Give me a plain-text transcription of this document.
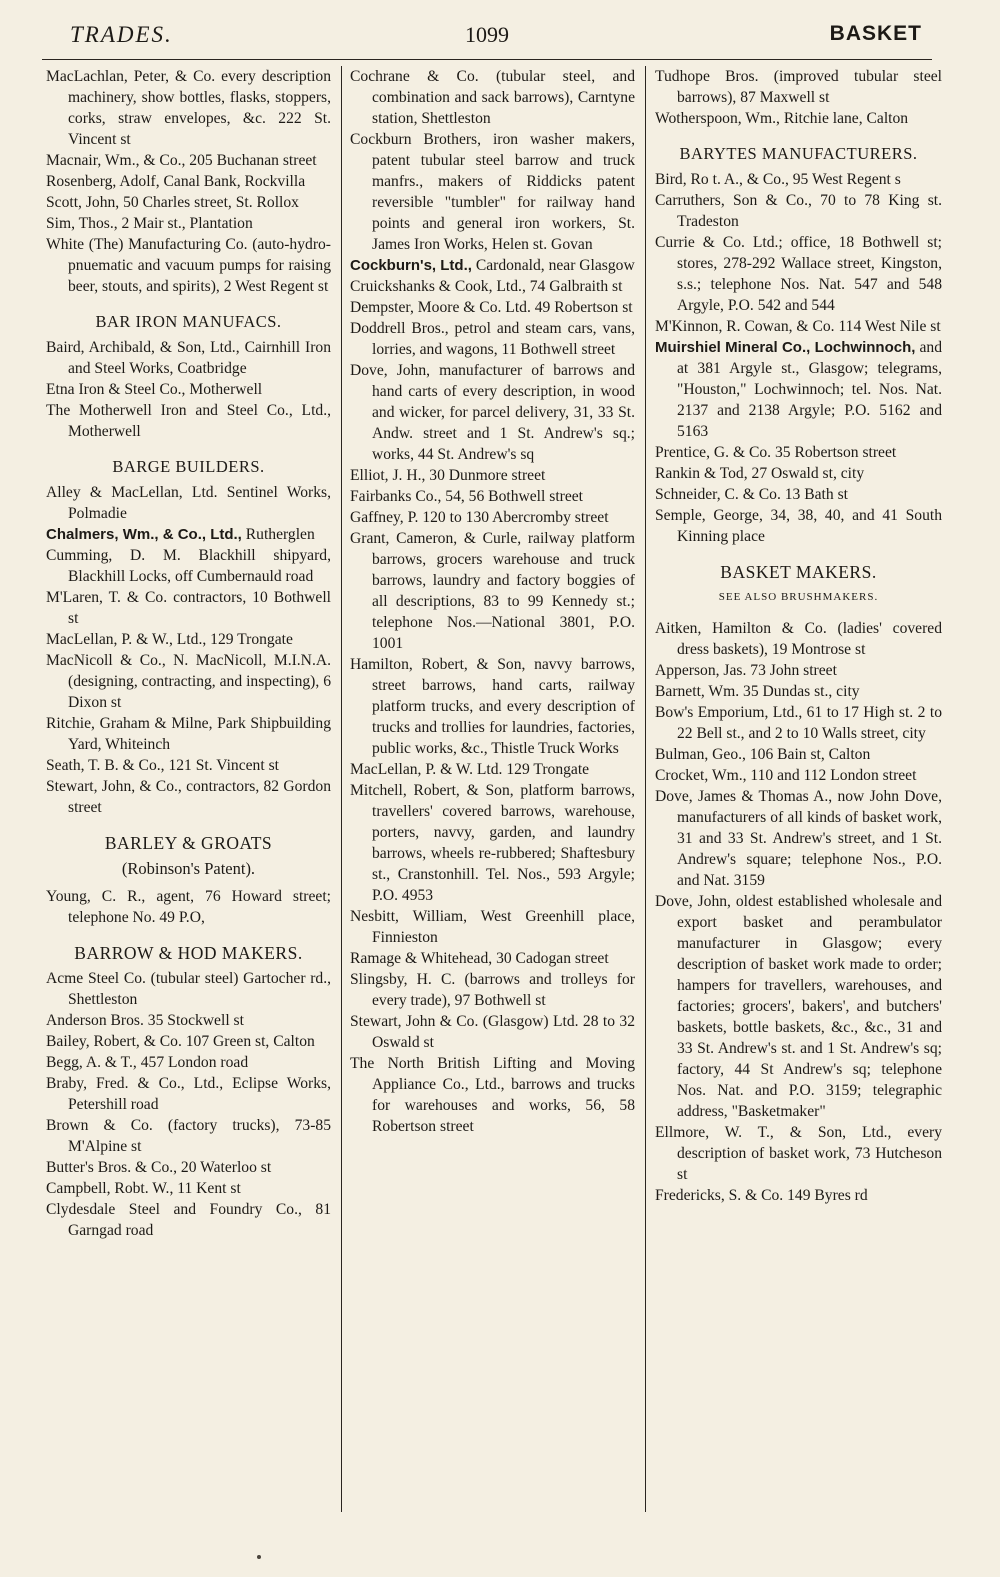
TRADES.	1099	BASKET
MacLachlan, Peter, & Co. every description machinery, show bottles, flasks, stoppers, corks, straw envelopes, &c. 222 St. Vincent st
Macnair, Wm., & Co., 205 Buchanan street
Rosenberg, Adolf, Canal Bank, Rockvilla
Scott, John, 50 Charles street, St. Rollox
Sim, Thos., 2 Mair st., Plantation
White (The) Manufacturing Co. (auto-hydro-pnuematic and vacuum pumps for raising beer, stouts, and spirits), 2 West Regent st
BAR IRON MANUFACS.
Baird, Archibald, & Son, Ltd., Cairnhill Iron and Steel Works, Coatbridge
Etna Iron & Steel Co., Motherwell
The Motherwell Iron and Steel Co., Ltd., Motherwell
BARGE BUILDERS.
Alley & MacLellan, Ltd. Sentinel Works, Polmadie
Chalmers, Wm., & Co., Ltd., Rutherglen
Cumming, D. M. Blackhill shipyard, Blackhill Locks, off Cumbernauld road
M'Laren, T. & Co. contractors, 10 Bothwell st
MacLellan, P. & W., Ltd., 129 Trongate
MacNicoll & Co., N. MacNicoll, M.I.N.A. (designing, contracting, and inspecting), 6 Dixon st
Ritchie, Graham & Milne, Park Shipbuilding Yard, Whiteinch
Seath, T. B. & Co., 121 St. Vincent st
Stewart, John, & Co., contractors, 82 Gordon street
BARLEY & GROATS
(Robinson's Patent).
Young, C. R., agent, 76 Howard street; telephone No. 49 P.O,
BARROW & HOD MAKERS.
Acme Steel Co. (tubular steel) Gartocher rd., Shettleston
Anderson Bros. 35 Stockwell st
Bailey, Robert, & Co. 107 Green st, Calton
Begg, A. & T., 457 London road
Braby, Fred. & Co., Ltd., Eclipse Works, Petershill road
Brown & Co. (factory trucks), 73-85 M'Alpine st
Butter's Bros. & Co., 20 Waterloo st
Campbell, Robt. W., 11 Kent st
Clydesdale Steel and Foundry Co., 81 Garngad road
Cochrane & Co. (tubular steel, and combination and sack barrows), Carntyne station, Shettleston
Cockburn Brothers, iron washer makers, patent tubular steel barrow and truck manfrs., makers of Riddicks patent reversible "tumbler" for railway hand points and general iron workers, St. James Iron Works, Helen st. Govan
Cockburn's, Ltd., Cardonald, near Glasgow
Cruickshanks & Cook, Ltd., 74 Galbraith st
Dempster, Moore & Co. Ltd. 49 Robertson st
Doddrell Bros., petrol and steam cars, vans, lorries, and wagons, 11 Bothwell street
Dove, John, manufacturer of barrows and hand carts of every description, in wood and wicker, for parcel delivery, 31, 33 St. Andw. street and 1 St. Andrew's sq.; works, 44 St. Andrew's sq
Elliot, J. H., 30 Dunmore street
Fairbanks Co., 54, 56 Bothwell street
Gaffney, P. 120 to 130 Abercromby street
Grant, Cameron, & Curle, railway platform barrows, grocers warehouse and truck barrows, laundry and factory boggies of all descriptions, 83 to 99 Kennedy st.; telephone Nos.—National 3801, P.O. 1001
Hamilton, Robert, & Son, navvy barrows, street barrows, hand carts, railway platform trucks, and every description of trucks and trollies for laundries, factories, public works, &c., Thistle Truck Works
MacLellan, P. & W. Ltd. 129 Trongate
Mitchell, Robert, & Son, platform barrows, travellers' covered barrows, warehouse, porters, navvy, garden, and laundry barrows, wheels re-rubbered; Shaftesbury st., Cranstonhill. Tel. Nos., 593 Argyle; P.O. 4953
Nesbitt, William, West Greenhill place, Finnieston
Ramage & Whitehead, 30 Cadogan street
Slingsby, H. C. (barrows and trolleys for every trade), 97 Bothwell st
Stewart, John & Co. (Glasgow) Ltd. 28 to 32 Oswald st
The North British Lifting and Moving Appliance Co., Ltd., barrows and trucks for warehouses and works, 56, 58 Robertson street
Tudhope Bros. (improved tubular steel barrows), 87 Maxwell st
Wotherspoon, Wm., Ritchie lane, Calton
BARYTES MANUFACTURERS.
Bird, Ro t. A., & Co., 95 West Regent s
Carruthers, Son & Co., 70 to 78 King st. Tradeston
Currie & Co. Ltd.; office, 18 Bothwell st; stores, 278-292 Wallace street, Kingston, s.s.; telephone Nos. Nat. 547 and 548 Argyle, P.O. 542 and 544
M'Kinnon, R. Cowan, & Co. 114 West Nile st
Muirshiel Mineral Co., Lochwinnoch, and at 381 Argyle st., Glasgow; telegrams, "Houston," Lochwinnoch; tel. Nos. Nat. 2137 and 2138 Argyle; P.O. 5162 and 5163
Prentice, G. & Co. 35 Robertson street
Rankin & Tod, 27 Oswald st, city
Schneider, C. & Co. 13 Bath st
Semple, George, 34, 38, 40, and 41 South Kinning place
BASKET MAKERS.
SEE ALSO BRUSHMAKERS.
Aitken, Hamilton & Co. (ladies' covered dress baskets), 19 Montrose st
Apperson, Jas. 73 John street
Barnett, Wm. 35 Dundas st., city
Bow's Emporium, Ltd., 61 to 17 High st. 2 to 22 Bell st., and 2 to 10 Walls street, city
Bulman, Geo., 106 Bain st, Calton
Crocket, Wm., 110 and 112 London street
Dove, James & Thomas A., now John Dove, manufacturers of all kinds of basket work, 31 and 33 St. Andrew's street, and 1 St. Andrew's square; telephone Nos., P.O. and Nat. 3159
Dove, John, oldest established wholesale and export basket and perambulator manufacturer in Glasgow; every description of basket work made to order; hampers for travellers, warehouses, and factories; grocers', bakers', and butchers' baskets, bottle baskets, &c., &c., 31 and 33 St. Andrew's st. and 1 St. Andrew's sq; factory, 44 St Andrew's sq; telephone Nos. Nat. and P.O. 3159; telegraphic address, "Basketmaker"
Ellmore, W. T., & Son, Ltd., every description of basket work, 73 Hutcheson st
Fredericks, S. & Co. 149 Byres rd
